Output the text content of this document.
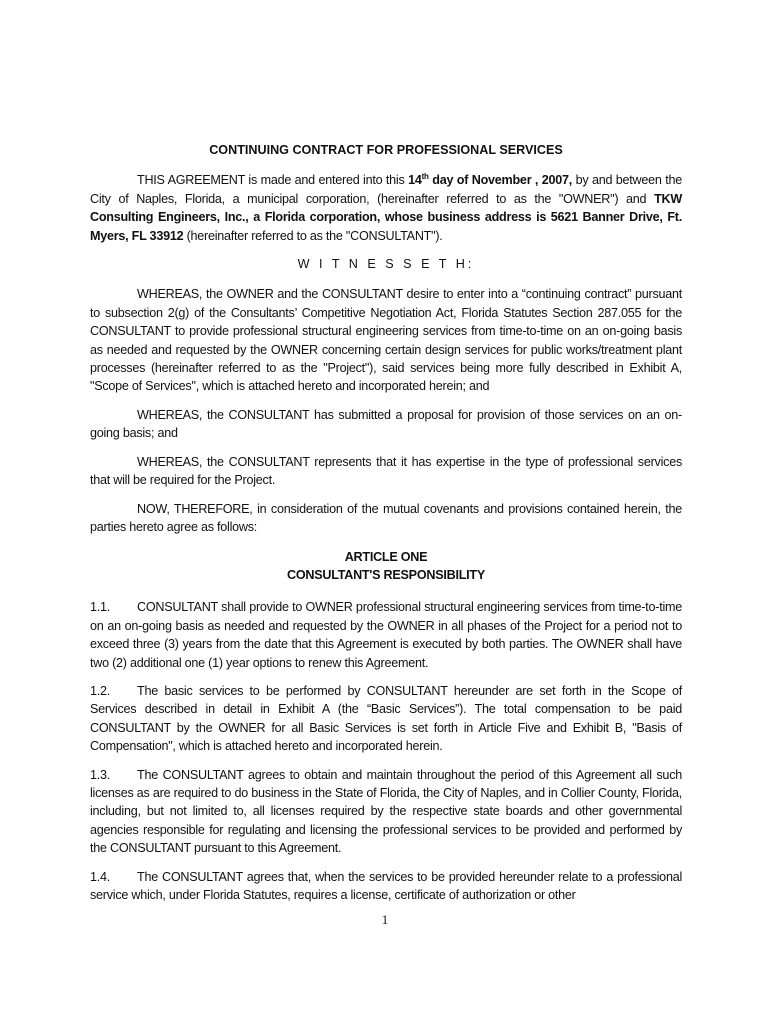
CONTINUING CONTRACT FOR PROFESSIONAL SERVICES

THIS AGREEMENT is made and entered into this 14th day of November , 2007, by and between the City of Naples, Florida, a municipal corporation, (hereinafter referred to as the "OWNER") and TKW Consulting Engineers, Inc., a Florida corporation, whose business address is 5621 Banner Drive, Ft. Myers, FL 33912 (hereinafter referred to as the "CONSULTANT").

W I T N E S S E T H:

WHEREAS, the OWNER and the CONSULTANT desire to enter into a “continuing contract” pursuant to subsection 2(g) of the Consultants’ Competitive Negotiation Act, Florida Statutes Section 287.055 for the CONSULTANT to provide professional structural engineering services from time-to-time on an on-going basis as needed and requested by the OWNER concerning certain design services for public works/treatment plant processes (hereinafter referred to as the "Project"), said services being more fully described in Exhibit A, "Scope of Services", which is attached hereto and incorporated herein; and

WHEREAS, the CONSULTANT has submitted a proposal for provision of those services on an on-going basis; and

WHEREAS, the CONSULTANT represents that it has expertise in the type of professional services that will be required for the Project.

NOW, THEREFORE, in consideration of the mutual covenants and provisions contained herein, the parties hereto agree as follows:

ARTICLE ONE
CONSULTANT'S RESPONSIBILITY

1.1. CONSULTANT shall provide to OWNER professional structural engineering services from time-to-time on an on-going basis as needed and requested by the OWNER in all phases of the Project for a period not to exceed three (3) years from the date that this Agreement is executed by both parties. The OWNER shall have two (2) additional one (1) year options to renew this Agreement.

1.2. The basic services to be performed by CONSULTANT hereunder are set forth in the Scope of Services described in detail in Exhibit A (the “Basic Services”). The total compensation to be paid CONSULTANT by the OWNER for all Basic Services is set forth in Article Five and Exhibit B, "Basis of Compensation", which is attached hereto and incorporated herein.

1.3. The CONSULTANT agrees to obtain and maintain throughout the period of this Agreement all such licenses as are required to do business in the State of Florida, the City of Naples, and in Collier County, Florida, including, but not limited to, all licenses required by the respective state boards and other governmental agencies responsible for regulating and licensing the professional services to be provided and performed by the CONSULTANT pursuant to this Agreement.

1.4. The CONSULTANT agrees that, when the services to be provided hereunder relate to a professional service which, under Florida Statutes, requires a license, certificate of authorization or other

1
